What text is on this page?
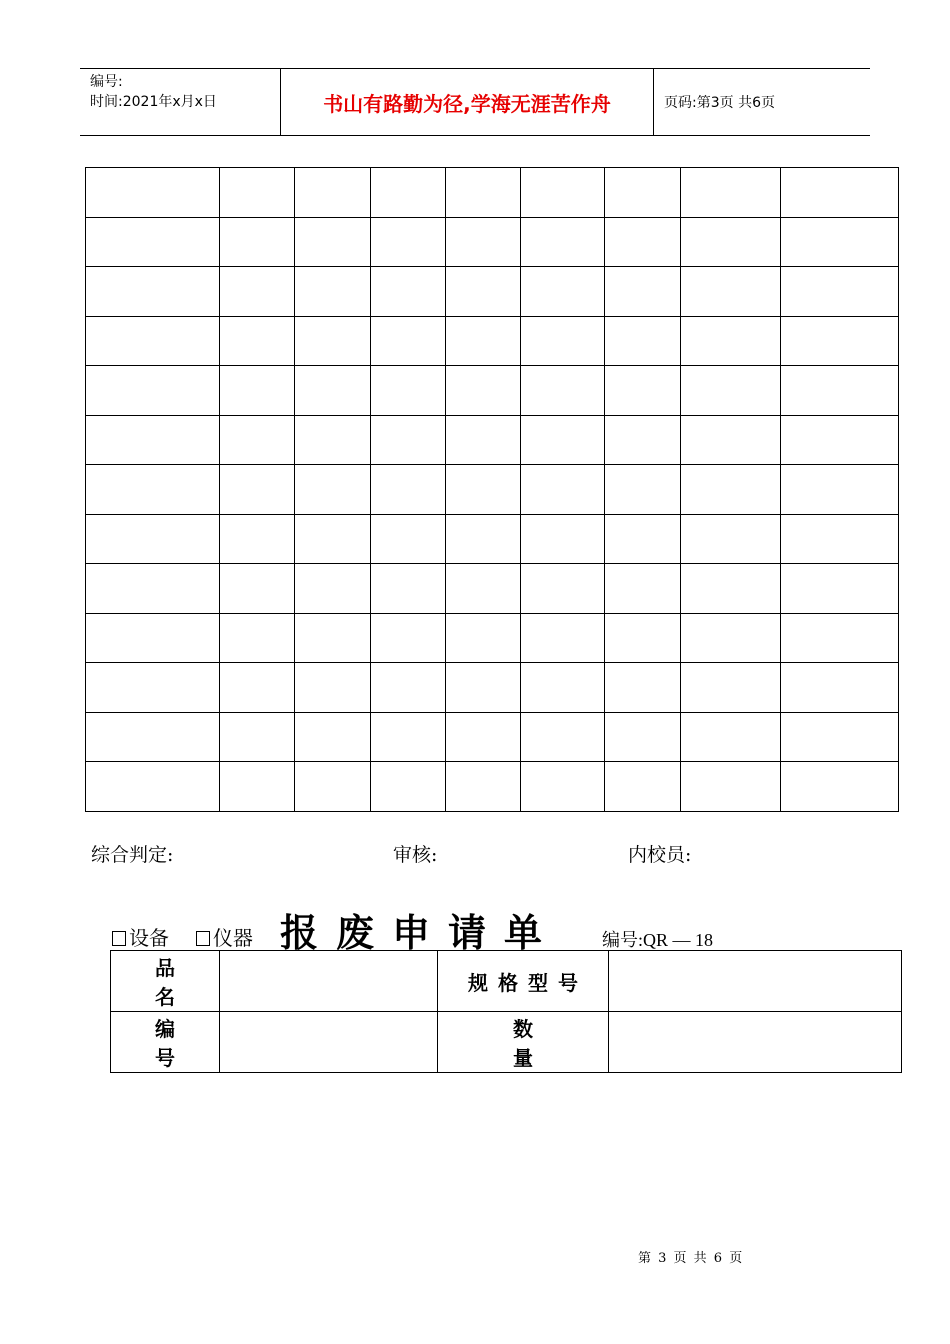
编号:
时间:2021年x月x日	书山有路勤为径,学海无涯苦作舟	页码:第3页 共6页

综合判定:	审核:	内校员:
设备	仪器 报废申请单 编号:QR — 18
品 名		规格型号	
编 号		数 量	
第 3 页 共 6 页
